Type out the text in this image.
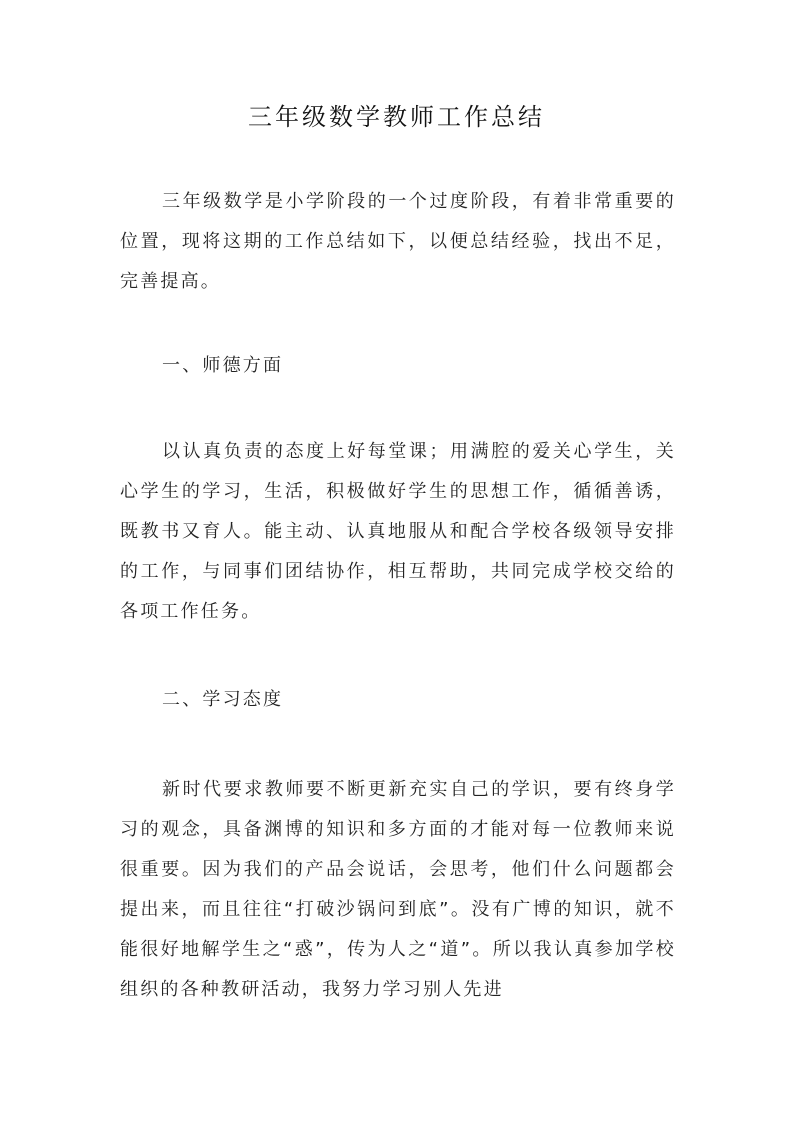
三年级数学教师工作总结

三年级数学是小学阶段的一个过度阶段，有着非常重要的位置，现将这期的工作总结如下，以便总结经验，找出不足，完善提高。

一、师德方面

以认真负责的态度上好每堂课；用满腔的爱关心学生，关心学生的学习，生活，积极做好学生的思想工作，循循善诱，既教书又育人。能主动、认真地服从和配合学校各级领导安排的工作，与同事们团结协作，相互帮助，共同完成学校交给的各项工作任务。

二、学习态度

新时代要求教师要不断更新充实自己的学识，要有终身学习的观念，具备渊博的知识和多方面的才能对每一位教师来说很重要。因为我们的产品会说话，会思考，他们什么问题都会提出来，而且往往“打破沙锅问到底”。没有广博的知识，就不能很好地解学生之“惑”，传为人之“道”。所以我认真参加学校组织的各种教研活动，我努力学习别人先进
